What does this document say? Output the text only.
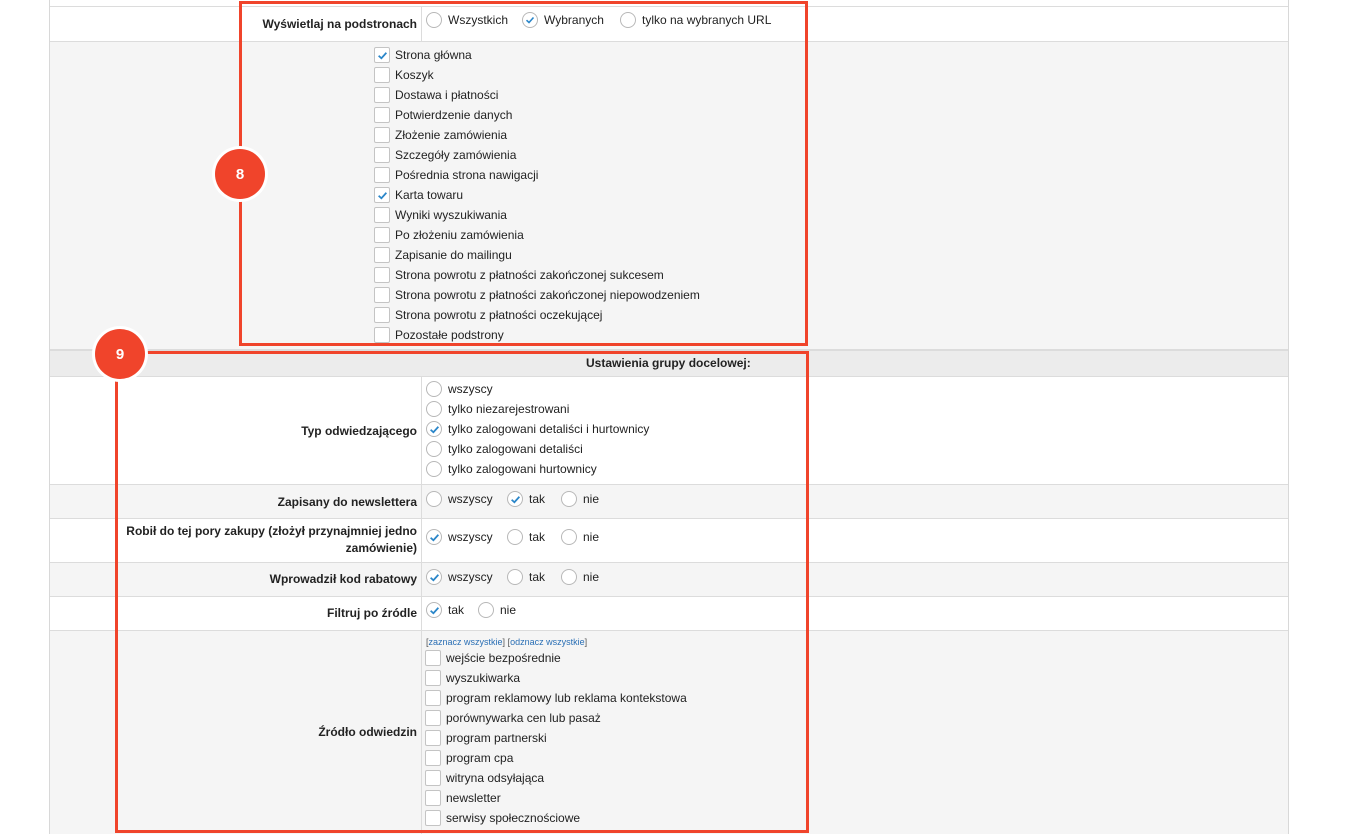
Wyświetlaj na podstronach	Wszystkich	Wybranych	tylko na wybranych URL
Strona główna
Koszyk
Dostawa i płatności
Potwierdzenie danych
Złożenie zamówienia
Szczegóły zamówienia
Pośrednia strona nawigacji
Karta towaru
Wyniki wyszukiwania
Po złożeniu zamówienia
Zapisanie do mailingu
Strona powrotu z płatności zakończonej sukcesem
Strona powrotu z płatności zakończonej niepowodzeniem
Strona powrotu z płatności oczekującej
Pozostałe podstrony
Ustawienia grupy docelowej:
Typ odwiedzającego
wszyscy
tylko niezarejestrowani
tylko zalogowani detaliści i hurtownicy
tylko zalogowani detaliści
tylko zalogowani hurtownicy
Zapisany do newslettera	wszyscy	tak	nie
Robił do tej pory zakupy (złożył przynajmniej jedno
zamówienie)
wszyscy	tak	nie
Wprowadził kod rabatowy	wszyscy	tak	nie
Filtruj po źródle	tak	nie
Źródło odwiedzin
[zaznacz wszystkie] [odznacz wszystkie]
wejście bezpośrednie
wyszukiwarka
program reklamowy lub reklama kontekstowa
porównywarka cen lub pasaż
program partnerski
program cpa
witryna odsyłająca
newsletter
serwisy społecznościowe
8
9
